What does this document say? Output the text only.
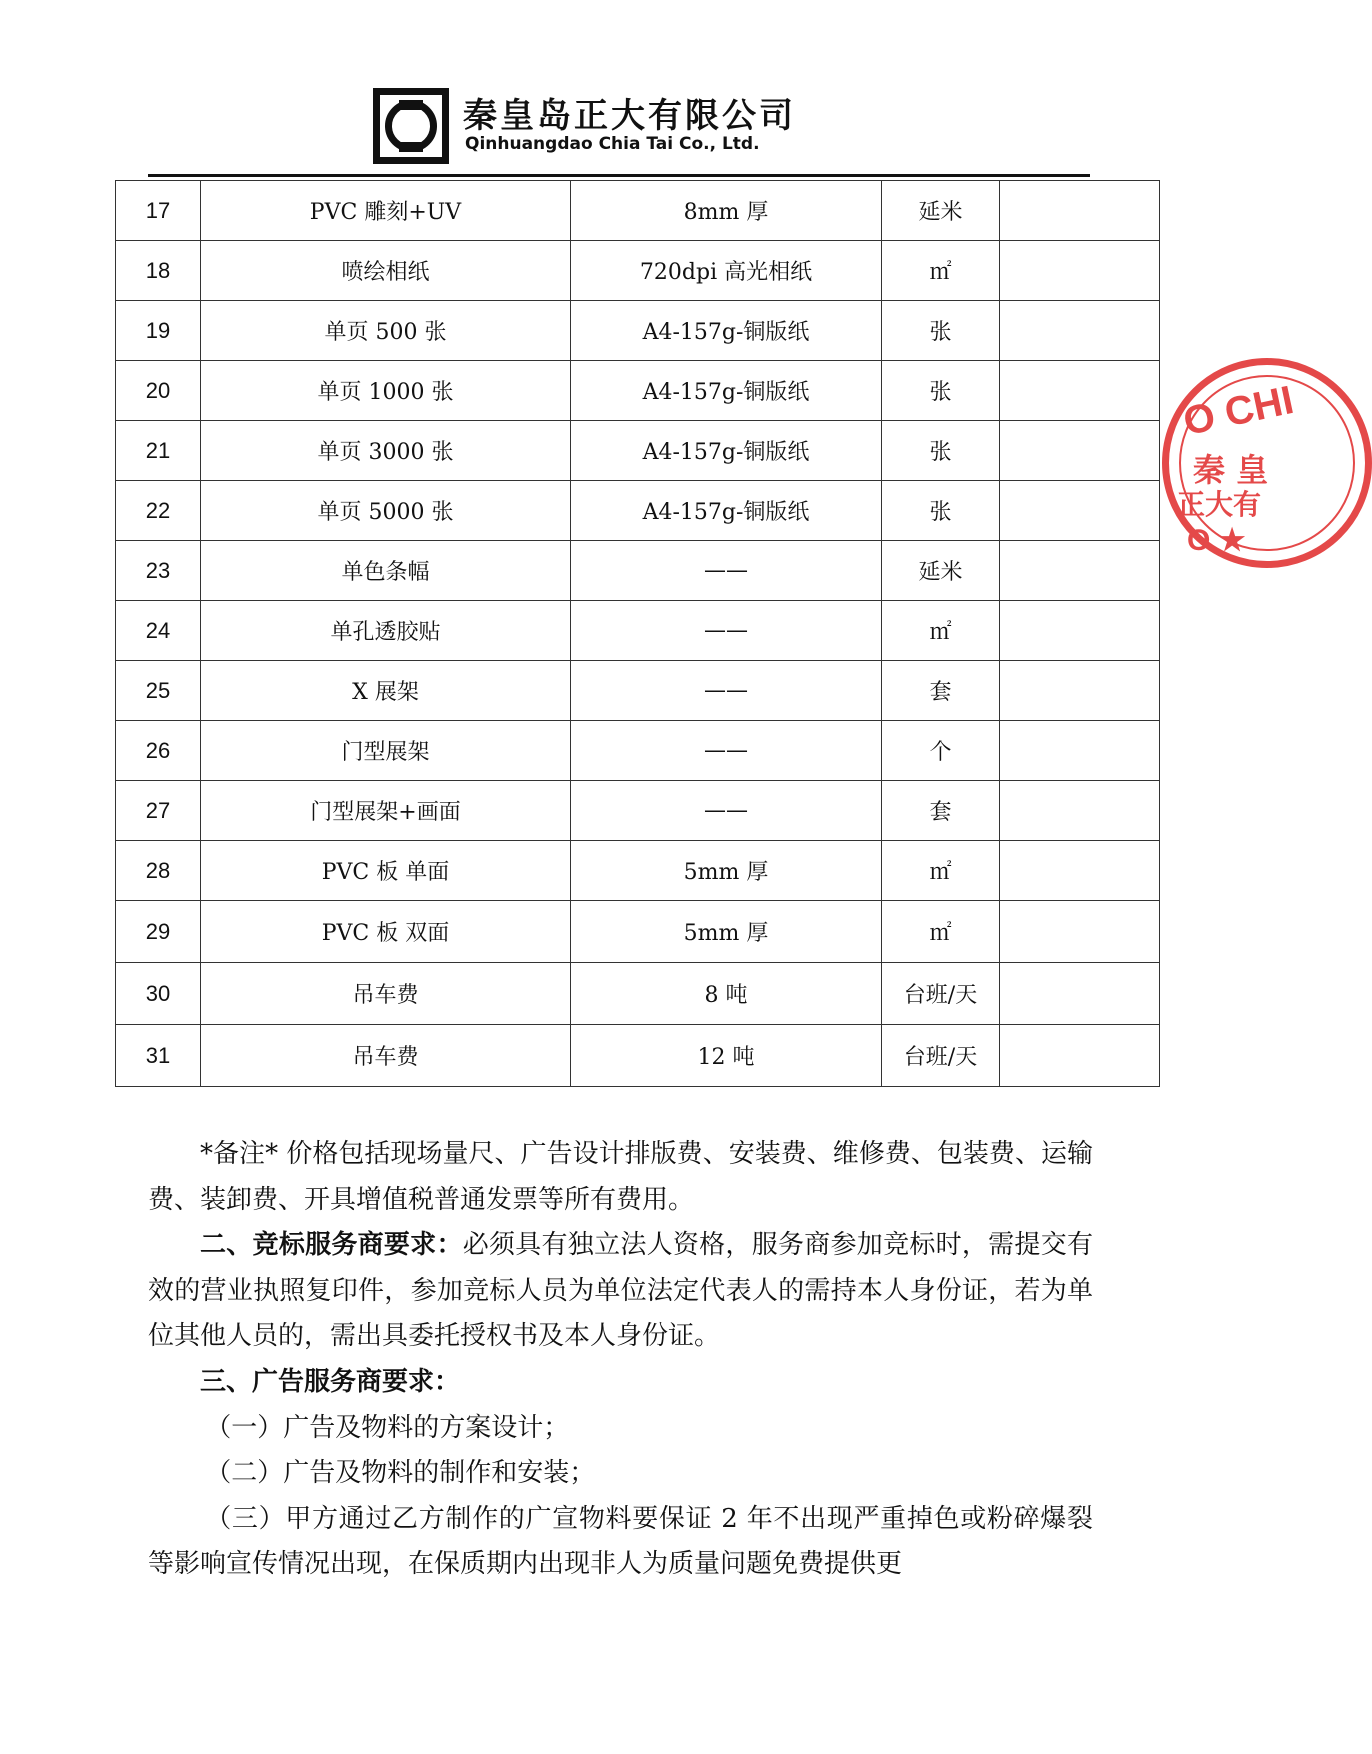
秦皇岛正大有限公司
Qinhuangdao Chia Tai Co., Ltd.
17	PVC 雕刻+UV	8mm 厚	延米	
18	喷绘相纸	720dpi 高光相纸	㎡	
19	单页 500 张	A4-157g-铜版纸	张	
20	单页 1000 张	A4-157g-铜版纸	张	
21	单页 3000 张	A4-157g-铜版纸	张	
22	单页 5000 张	A4-157g-铜版纸	张	
23	单色条幅	——	延米	
24	单孔透胶贴	——	㎡	
25	X 展架	——	套	
26	门型展架	——	个	
27	门型展架+画面	——	套	
28	PVC 板 单面	5mm 厚	㎡	
29	PVC 板 双面	5mm 厚	㎡	
30	吊车费	8 吨	台班/天	
31	吊车费	12 吨	台班/天	
O CHI
秦 皇
正大有
O ★

*备注* 价格包括现场量尺、广告设计排版费、安装费、维修费、包装费、运输费、装卸费、开具增值税普通发票等所有费用。

二、竞标服务商要求：必须具有独立法人资格，服务商参加竞标时，需提交有效的营业执照复印件，参加竞标人员为单位法定代表人的需持本人身份证，若为单位其他人员的，需出具委托授权书及本人身份证。

三、广告服务商要求：

（一）广告及物料的方案设计；

（二）广告及物料的制作和安装；

（三）甲方通过乙方制作的广宣物料要保证 2 年不出现严重掉色或粉碎爆裂等影响宣传情况出现，在保质期内出现非人为质量问题免费提供更
